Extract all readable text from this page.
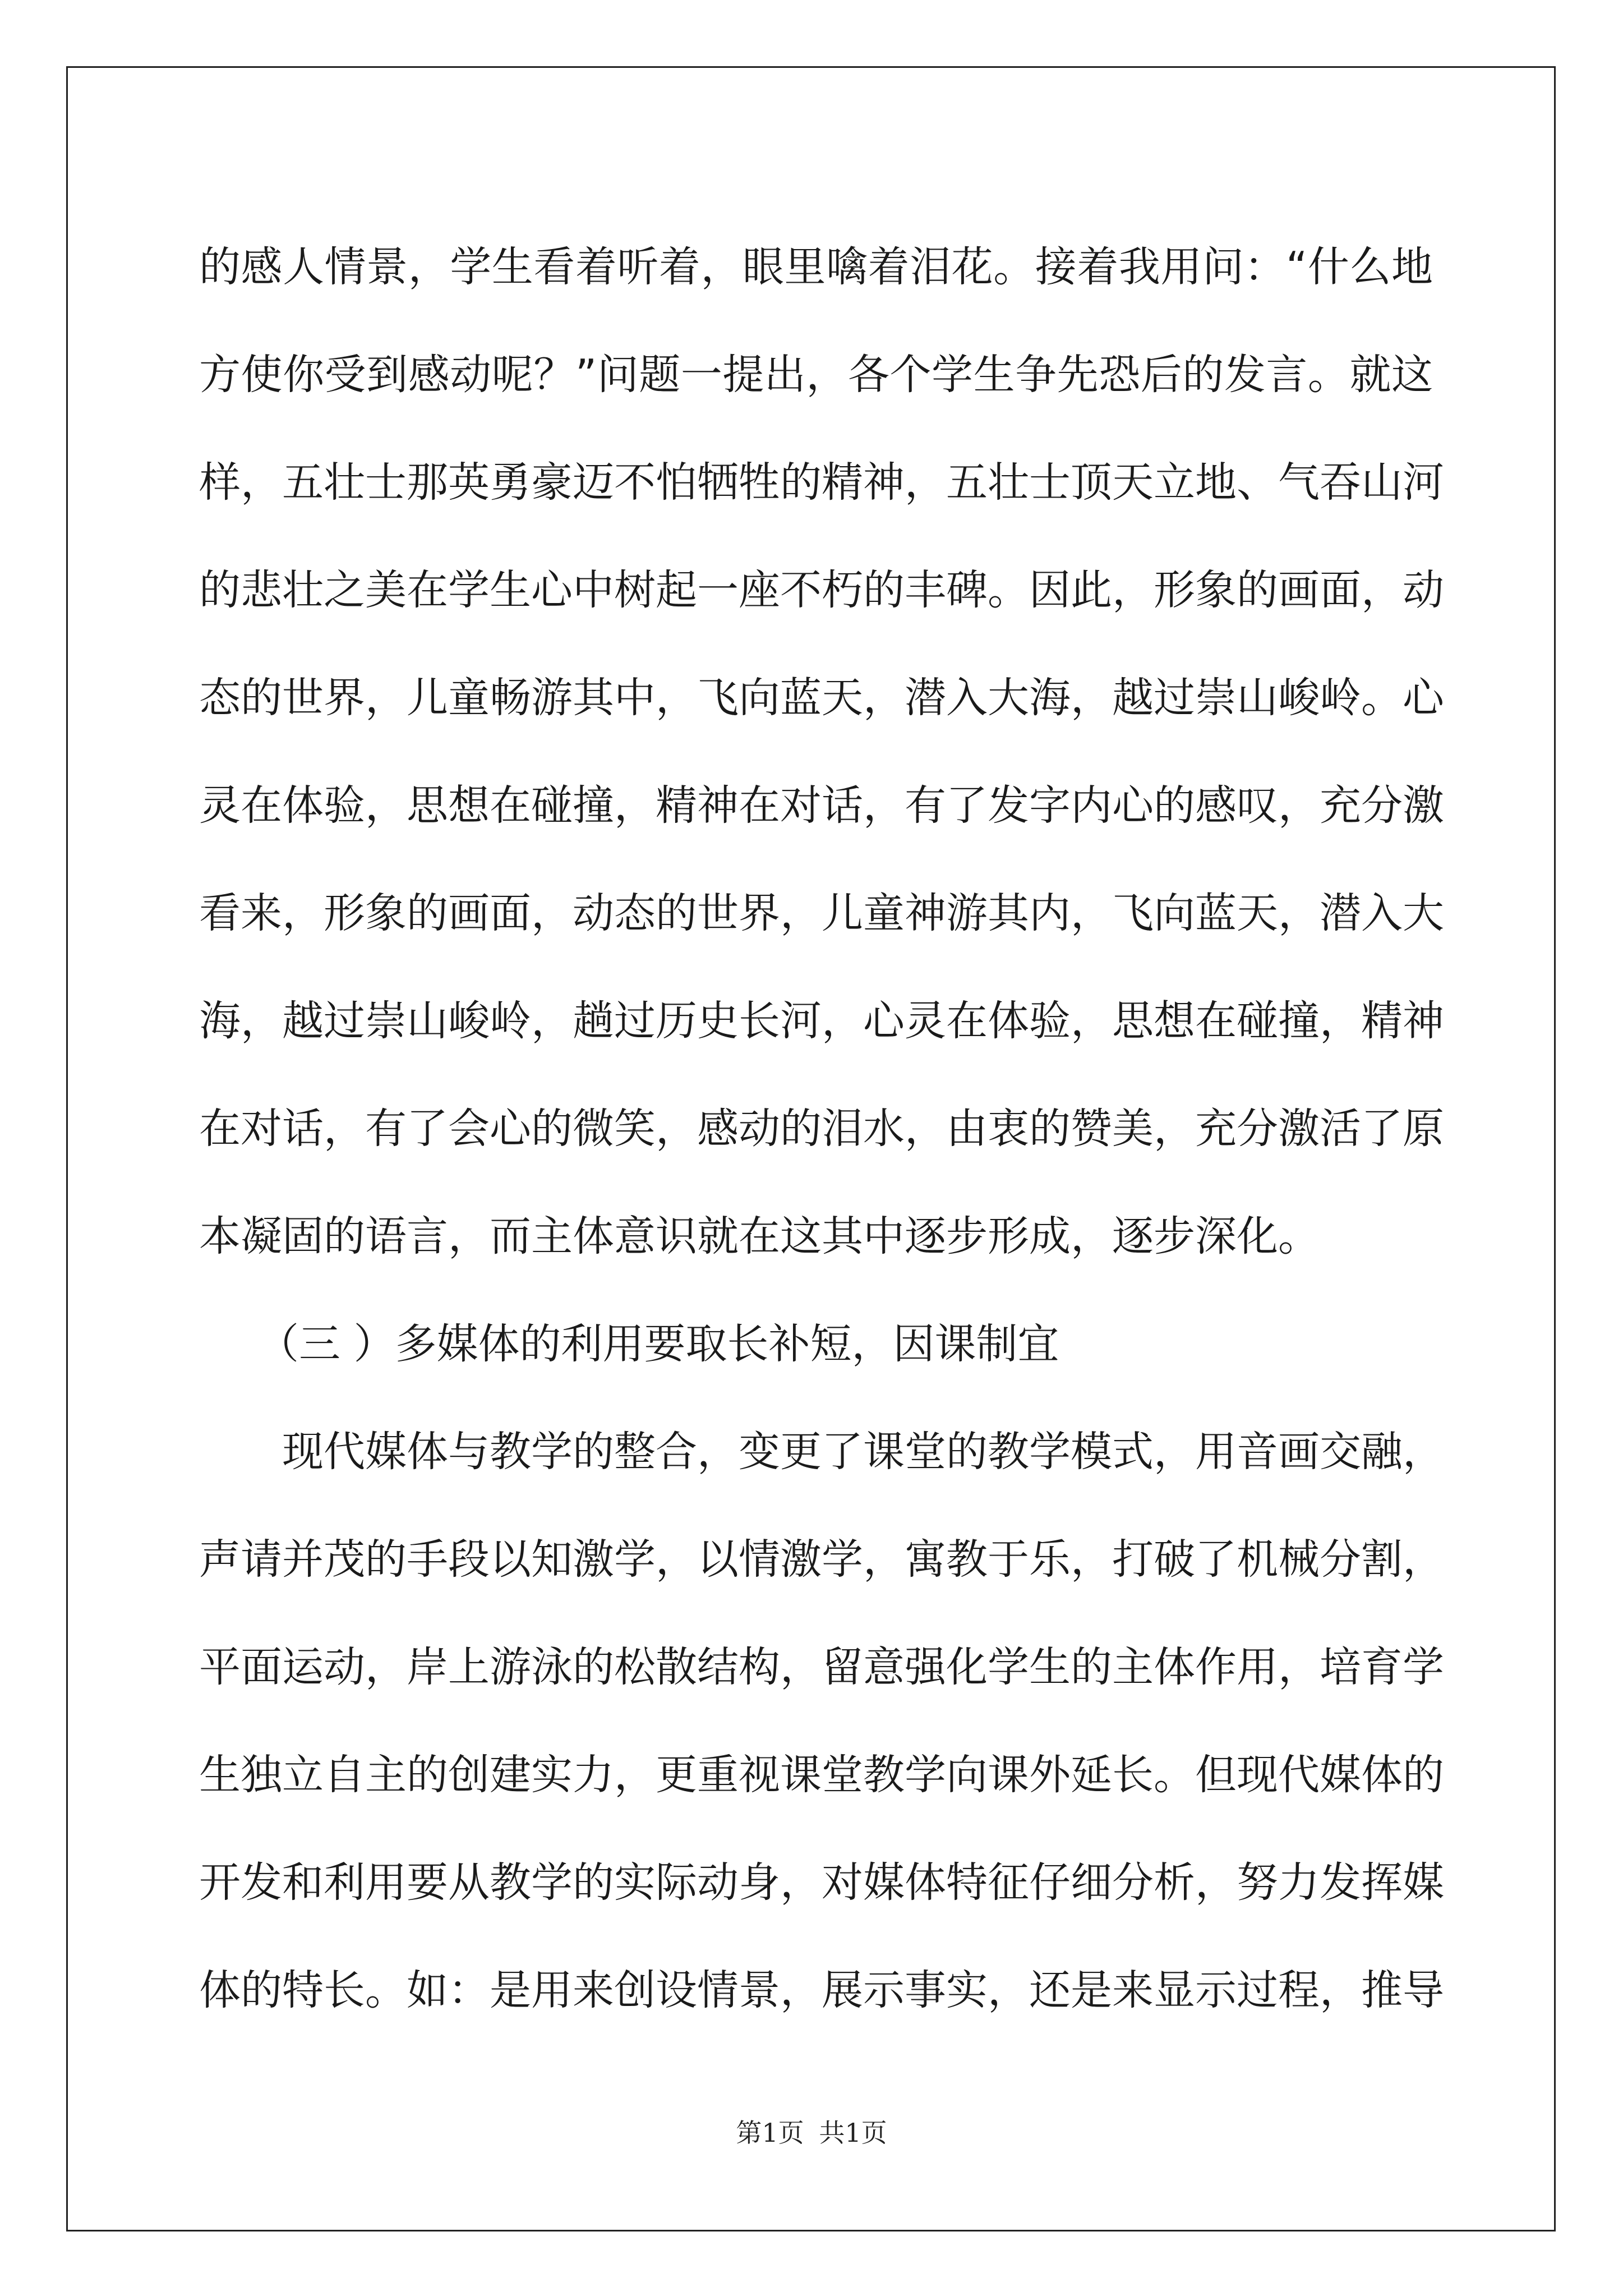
的感人情景，学生看着听着，眼里噙着泪花。接着我用问：“什么地
方使你受到感动呢？”问题一提出，各个学生争先恐后的发言。就这
样，五壮士那英勇豪迈不怕牺牲的精神，五壮士顶天立地、气吞山河
的悲壮之美在学生心中树起一座不朽的丰碑。因此，形象的画面，动
态的世界，儿童畅游其中，飞向蓝天，潜入大海，越过崇山峻岭。心
灵在体验，思想在碰撞，精神在对话，有了发字内心的感叹，充分激
看来，形象的画面，动态的世界，儿童神游其内，飞向蓝天，潜入大
海，越过崇山峻岭，趟过历史长河，心灵在体验，思想在碰撞，精神
在对话，有了会心的微笑，感动的泪水，由衷的赞美，充分激活了原
本凝固的语言，而主体意识就在这其中逐步形成，逐步深化。
（三 ）多媒体的利用要取长补短，因课制宜
现代媒体与教学的整合，变更了课堂的教学模式，用音画交融，
声请并茂的手段以知激学，以情激学，寓教于乐，打破了机械分割，
平面运动，岸上游泳的松散结构，留意强化学生的主体作用，培育学
生独立自主的创建实力，更重视课堂教学向课外延长。但现代媒体的
开发和利用要从教学的实际动身，对媒体特征仔细分析，努力发挥媒
体的特长。如：是用来创设情景，展示事实，还是来显示过程，推导
第1页 共1页
